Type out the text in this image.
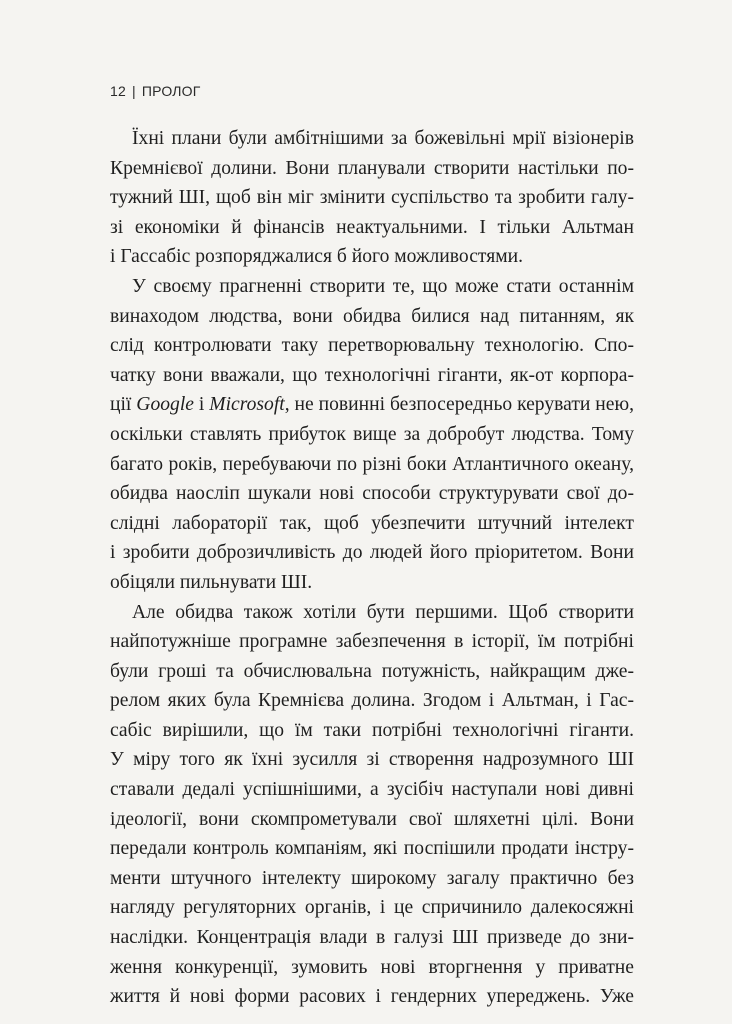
12 | ПРОЛОГ
Їхні плани були амбітнішими за божевільні мрії візіонерів
Кремнієвої долини. Вони планували створити настільки по-
тужний ШІ, щоб він міг змінити суспільство та зробити галу-
зі економіки й фінансів неактуальними. І тільки Альтман
і Гассабіс розпоряджалися б його можливостями.
У своєму прагненні створити те, що може стати останнім
винаходом людства, вони обидва билися над питанням, як
слід контролювати таку перетворювальну технологію. Спо-
чатку вони вважали, що технологічні гіганти, як-от корпора-
ції Google і Microsoft, не повинні безпосередньо керувати нею,
оскільки ставлять прибуток вище за добробут людства. Тому
багато років, перебуваючи по різні боки Атлантичного океану,
обидва наосліп шукали нові способи структурувати свої до-
слідні лабораторії так, щоб убезпечити штучний інтелект
і зробити доброзичливість до людей його пріоритетом. Вони
обіцяли пильнувати ШІ.
Але обидва також хотіли бути першими. Щоб створити
найпотужніше програмне забезпечення в історії, їм потрібні
були гроші та обчислювальна потужність, найкращим дже-
релом яких була Кремнієва долина. Згодом і Альтман, і Гас-
сабіс вирішили, що їм таки потрібні технологічні гіганти.
У міру того як їхні зусилля зі створення надрозумного ШІ
ставали дедалі успішнішими, а зусібіч наступали нові дивні
ідеології, вони скомпрометували свої шляхетні цілі. Вони
передали контроль компаніям, які поспішили продати інстру-
менти штучного інтелекту широкому загалу практично без
нагляду регуляторних органів, і це спричинило далекосяжні
наслідки. Концентрація влади в галузі ШІ призведе до зни-
ження конкуренції, зумовить нові вторгнення у приватне
життя й нові форми расових і гендерних упереджень. Уже
